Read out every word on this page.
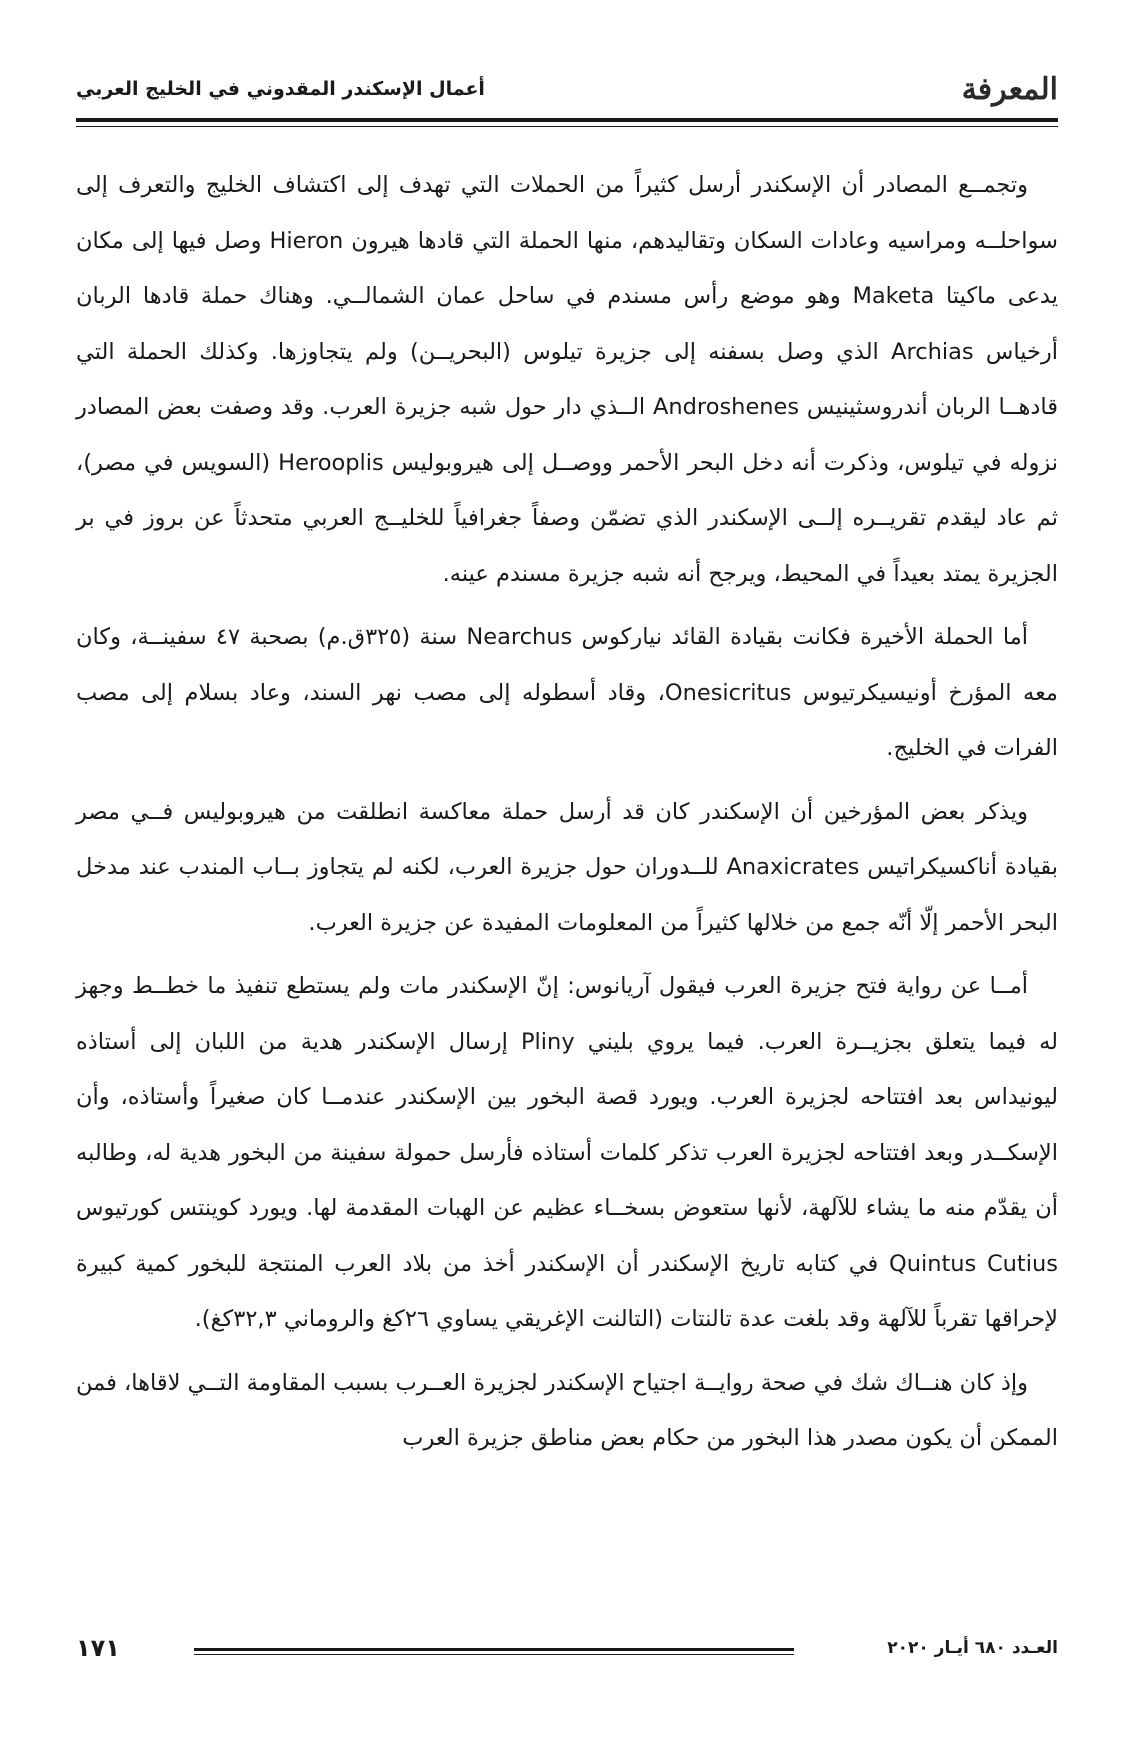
المعرفة
أعمال الإسكندر المقدوني في الخليج العربي

وتجمــع المصادر أن الإسكندر أرسل كثيراً من الحملات التي تهدف إلى اكتشاف الخليج والتعرف إلى سواحلــه ومراسيه وعادات السكان وتقاليدهم، منها الحملة التي قادها هيرون Hieron وصل فيها إلى مكان يدعى ماكيتا Maketa وهو موضع رأس مسندم في ساحل عمان الشمالــي. وهناك حملة قادها الربان أرخياس Archias الذي وصل بسفنه إلى جزيرة تيلوس (البحريــن) ولم يتجاوزها. وكذلك الحملة التي قادهــا الربان أندروسثينيس Androshenes الــذي دار حول شبه جزيرة العرب. وقد وصفت بعض المصادر نزوله في تيلوس، وذكرت أنه دخل البحر الأحمر ووصــل إلى هيروبوليس Herooplis (السويس في مصر)، ثم عاد ليقدم تقريــره إلــى الإسكندر الذي تضمّن وصفاً جغرافياً للخليــج العربي متحدثاً عن بروز في بر الجزيرة يمتد بعيداً في المحيط، ويرجح أنه شبه جزيرة مسندم عينه.

أما الحملة الأخيرة فكانت بقيادة القائد نياركوس Nearchus سنة (٣٢٥ق.م) بصحبة ٤٧ سفينــة، وكان معه المؤرخ أونيسيكرتيوس Onesicritus، وقاد أسطوله إلى مصب نهر السند، وعاد بسلام إلى مصب الفرات في الخليج.

ويذكر بعض المؤرخين أن الإسكندر كان قد أرسل حملة معاكسة انطلقت من هيروبوليس فــي مصر بقيادة أناكسيكراتيس Anaxicrates للــدوران حول جزيرة العرب، لكنه لم يتجاوز بــاب المندب عند مدخل البحر الأحمر إلّا أنّه جمع من خلالها كثيراً من المعلومات المفيدة عن جزيرة العرب.

أمــا عن رواية فتح جزيرة العرب فيقول آريانوس: إنّ الإسكندر مات ولم يستطع تنفيذ ما خطــط وجهز له فيما يتعلق بجزيــرة العرب. فيما يروي بليني Pliny إرسال الإسكندر هدية من اللبان إلى أستاذه ليونيداس بعد افتتاحه لجزيرة العرب. ويورد قصة البخور بين الإسكندر عندمــا كان صغيراً وأستاذه، وأن الإسكــدر وبعد افتتاحه لجزيرة العرب تذكر كلمات أستاذه فأرسل حمولة سفينة من البخور هدية له، وطالبه أن يقدّم منه ما يشاء للآلهة، لأنها ستعوض بسخــاء عظيم عن الهبات المقدمة لها. ويورد كوينتس كورتيوس Quintus Cutius في كتابه تاريخ الإسكندر أن الإسكندر أخذ من بلاد العرب المنتجة للبخور كمية كبيرة لإحراقها تقرباً للآلهة وقد بلغت عدة تالنتات (التالنت الإغريقي يساوي ٢٦كغ والروماني ٣٢,٣كغ).

وإذ كان هنــاك شك في صحة روايــة اجتياح الإسكندر لجزيرة العــرب بسبب المقاومة التــي لاقاها، فمن الممكن أن يكون مصدر هذا البخور من حكام بعض مناطق جزيرة العرب

١٧١	العـدد ٦٨٠ أيـار ٢٠٢٠
